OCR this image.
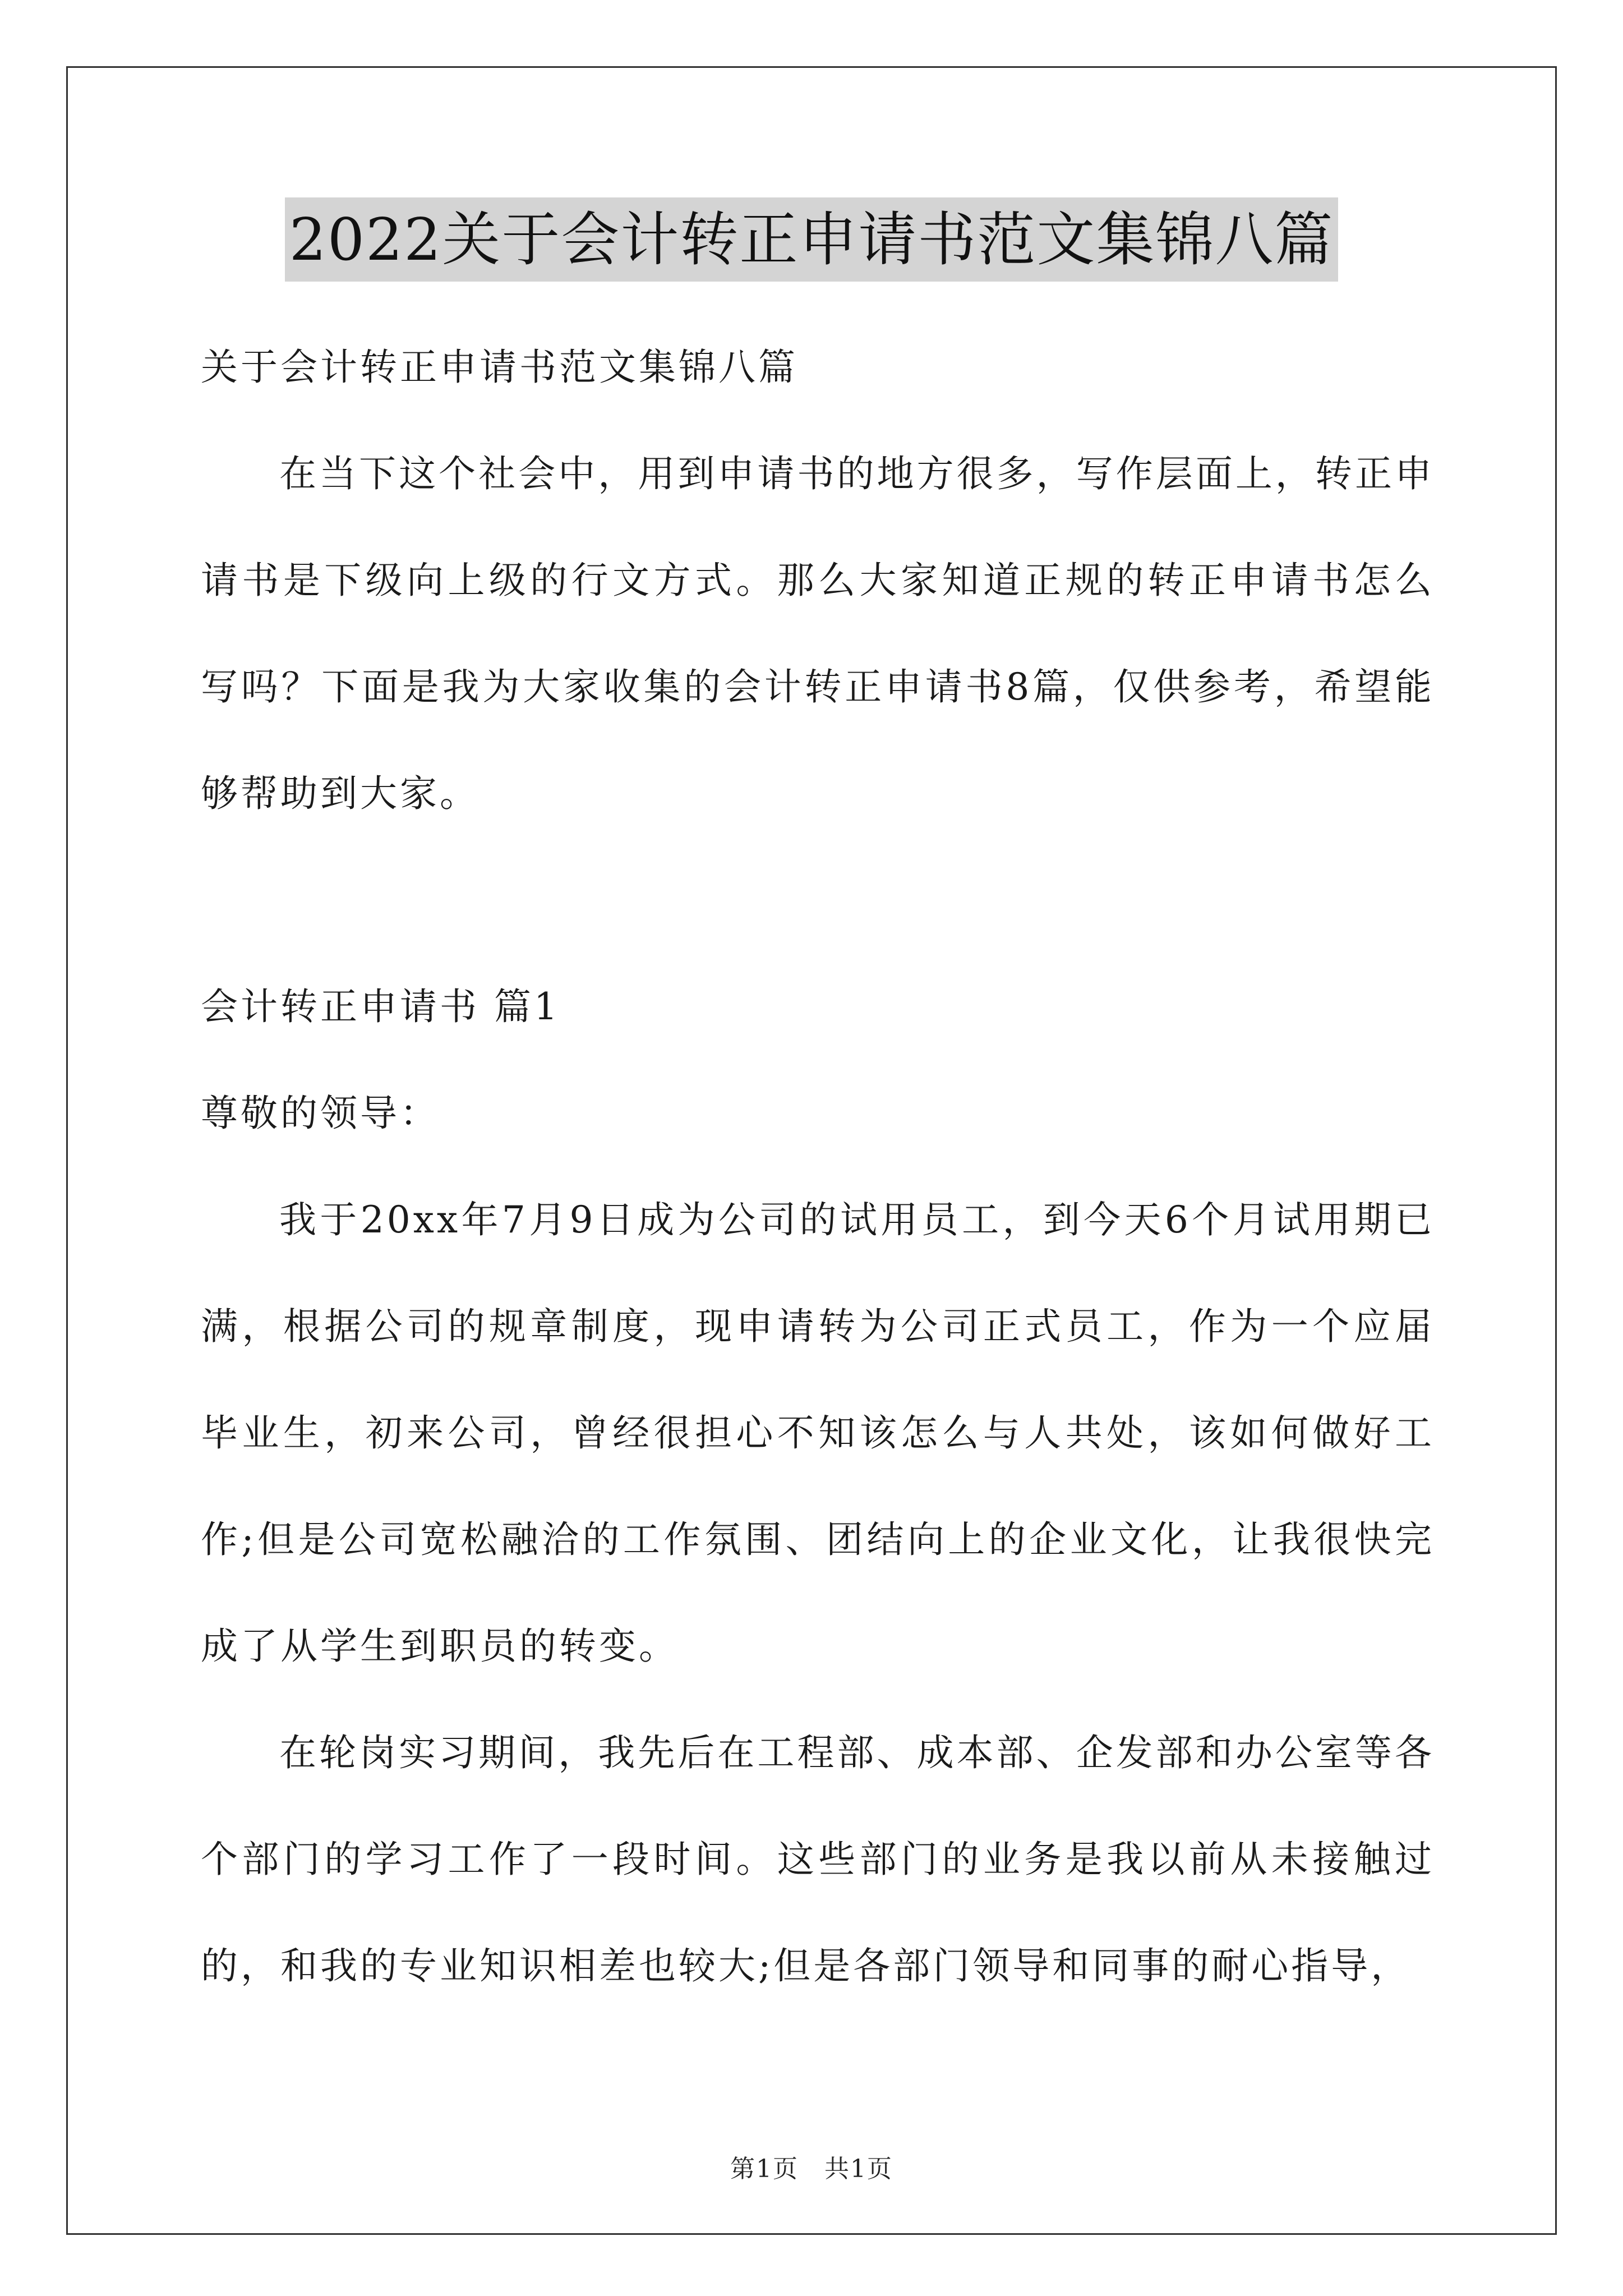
2022关于会计转正申请书范文集锦八篇

关于会计转正申请书范文集锦八篇

在当下这个社会中，用到申请书的地方很多，写作层面上，转正申请书是下级向上级的行文方式。那么大家知道正规的转正申请书怎么写吗？下面是我为大家收集的会计转正申请书8篇，仅供参考，希望能够帮助到大家。

会计转正申请书 篇1

尊敬的领导：

我于20xx年7月9日成为公司的试用员工，到今天6个月试用期已满，根据公司的规章制度，现申请转为公司正式员工，作为一个应届毕业生，初来公司，曾经很担心不知该怎么与人共处，该如何做好工作;但是公司宽松融洽的工作氛围、团结向上的企业文化，让我很快完成了从学生到职员的转变。

在轮岗实习期间，我先后在工程部、成本部、企发部和办公室等各个部门的学习工作了一段时间。这些部门的业务是我以前从未接触过的，和我的专业知识相差也较大;但是各部门领导和同事的耐心指导，

第1页　共1页
